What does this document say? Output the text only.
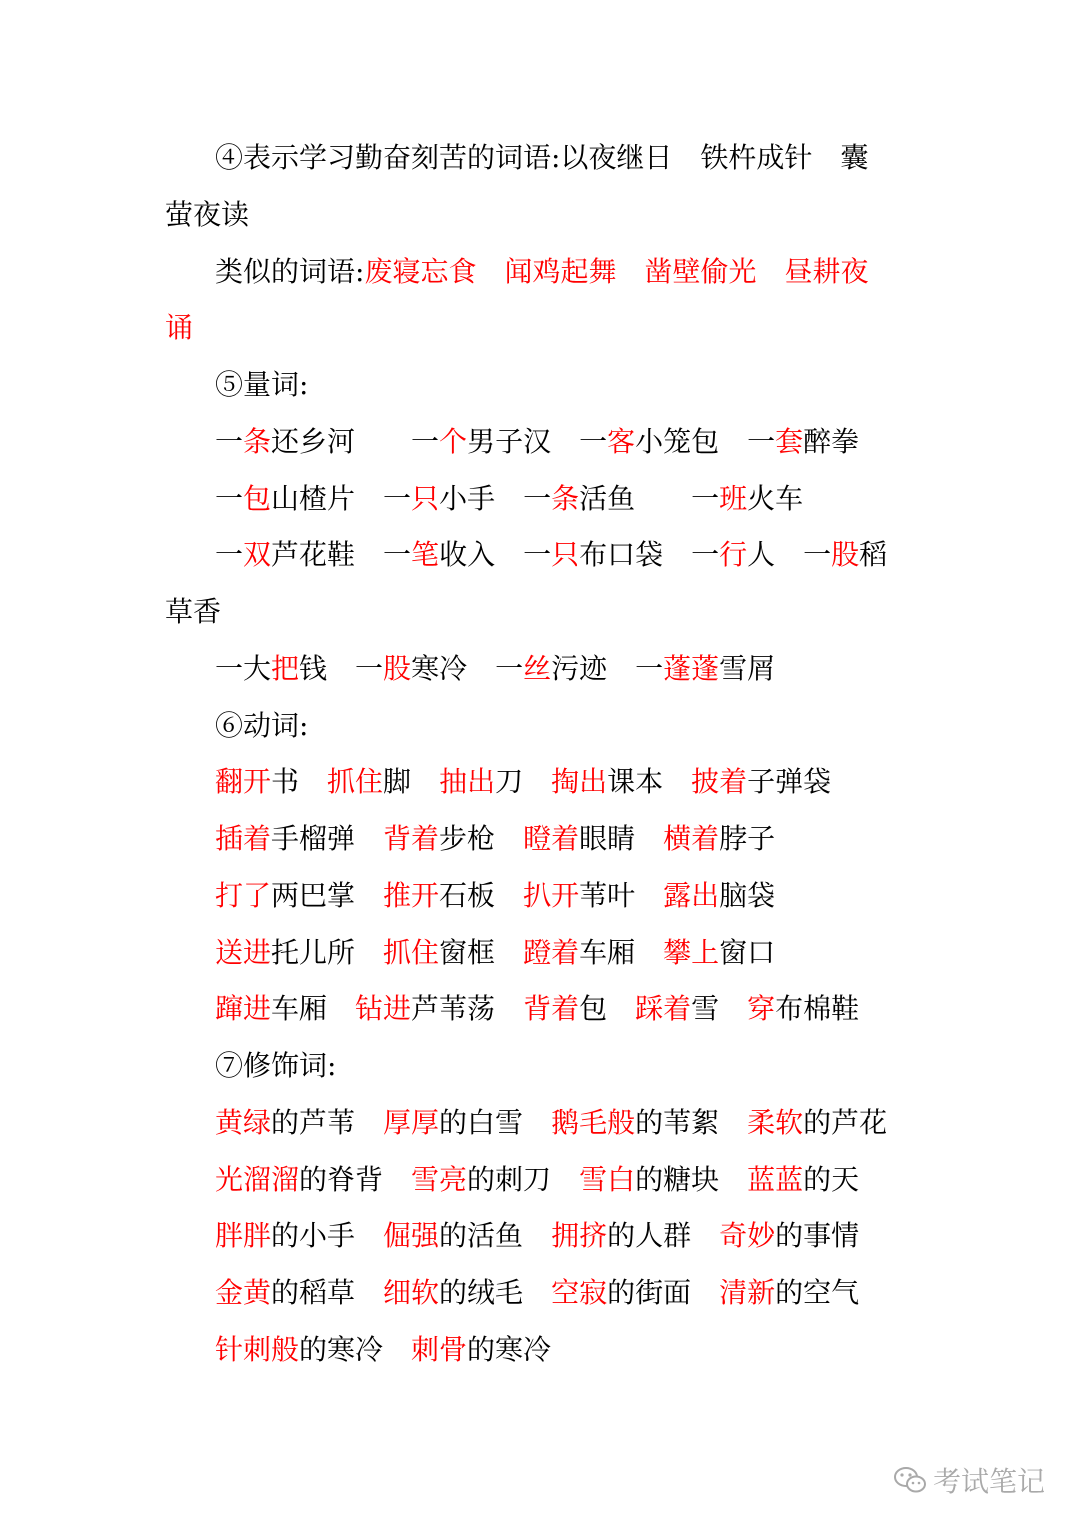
④表示学习勤奋刻苦的词语:以夜继日　铁杵成针　囊
萤夜读
类似的词语:废寝忘食　闻鸡起舞　凿壁偷光　昼耕夜
诵
⑤量词:
一条还乡河　　一个男子汉　一客小笼包　一套醉拳
一包山楂片　一只小手　一条活鱼　　一班火车
一双芦花鞋　一笔收入　一只布口袋　一行人　一股稻
草香
一大把钱　一股寒冷　一丝污迹　一蓬蓬雪屑
⑥动词:
翻开书　抓住脚　抽出刀　掏出课本　披着子弹袋
插着手榴弹　背着步枪　瞪着眼睛　横着脖子
打了两巴掌　推开石板　扒开苇叶　露出脑袋
送进托儿所　抓住窗框　蹬着车厢　攀上窗口
蹿进车厢　钻进芦苇荡　背着包　踩着雪　穿布棉鞋
⑦修饰词:
黄绿的芦苇　厚厚的白雪　鹅毛般的苇絮　柔软的芦花
光溜溜的脊背　雪亮的刺刀　雪白的糖块　蓝蓝的天
胖胖的小手　倔强的活鱼　拥挤的人群　奇妙的事情
金黄的稻草　细软的绒毛　空寂的街面　清新的空气
针刺般的寒冷　刺骨的寒冷
考试笔记
